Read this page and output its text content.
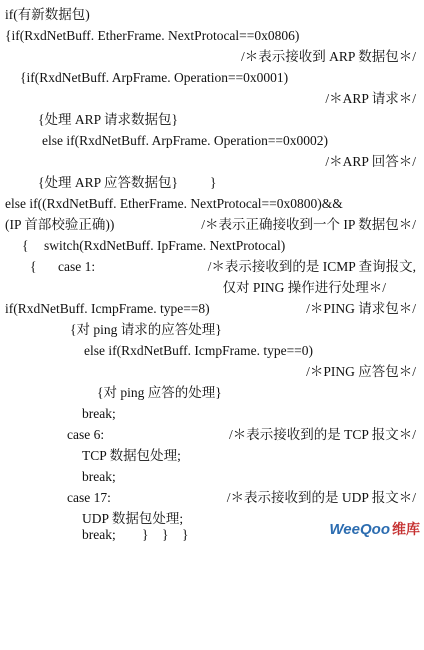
if(有新数据包)

{if(RxdNetBuff. EtherFrame. NextProtocal==0x0806)

/＊表示接收到 ARP 数据包＊/

{if(RxdNetBuff. ArpFrame. Operation==0x0001)

/＊ARP 请求＊/

{处理 ARP 请求数据包}

else if(RxdNetBuff. ArpFrame. Operation==0x0002)

/＊ARP 回答＊/

{处理 ARP 应答数据包}

}

else if((RxdNetBuff. EtherFrame. NextProtocal==0x0800)&&

(IP 首部校验正确))

	/＊表示正确接收到一个 IP 数据包＊/

{

switch(RxdNetBuff. IpFrame. NextProtocal)

{

case 1:

	/＊表示接收到的是 ICMP 查询报文,

仅对 PING 操作进行处理＊/

if(RxdNetBuff. IcmpFrame. type==8)

	/＊PING 请求包＊/

{对 ping 请求的应答处理}

else if(RxdNetBuff. IcmpFrame. type==0)

/＊PING 应答包＊/

{对 ping 应答的处理}

break;

case 6:

	/＊表示接收到的是 TCP 报文＊/

TCP 数据包处理;

break;

case 17:

	/＊表示接收到的是 UDP 报文＊/

UDP 数据包处理;

break;

}

}

}

	WeeQoo 维库
